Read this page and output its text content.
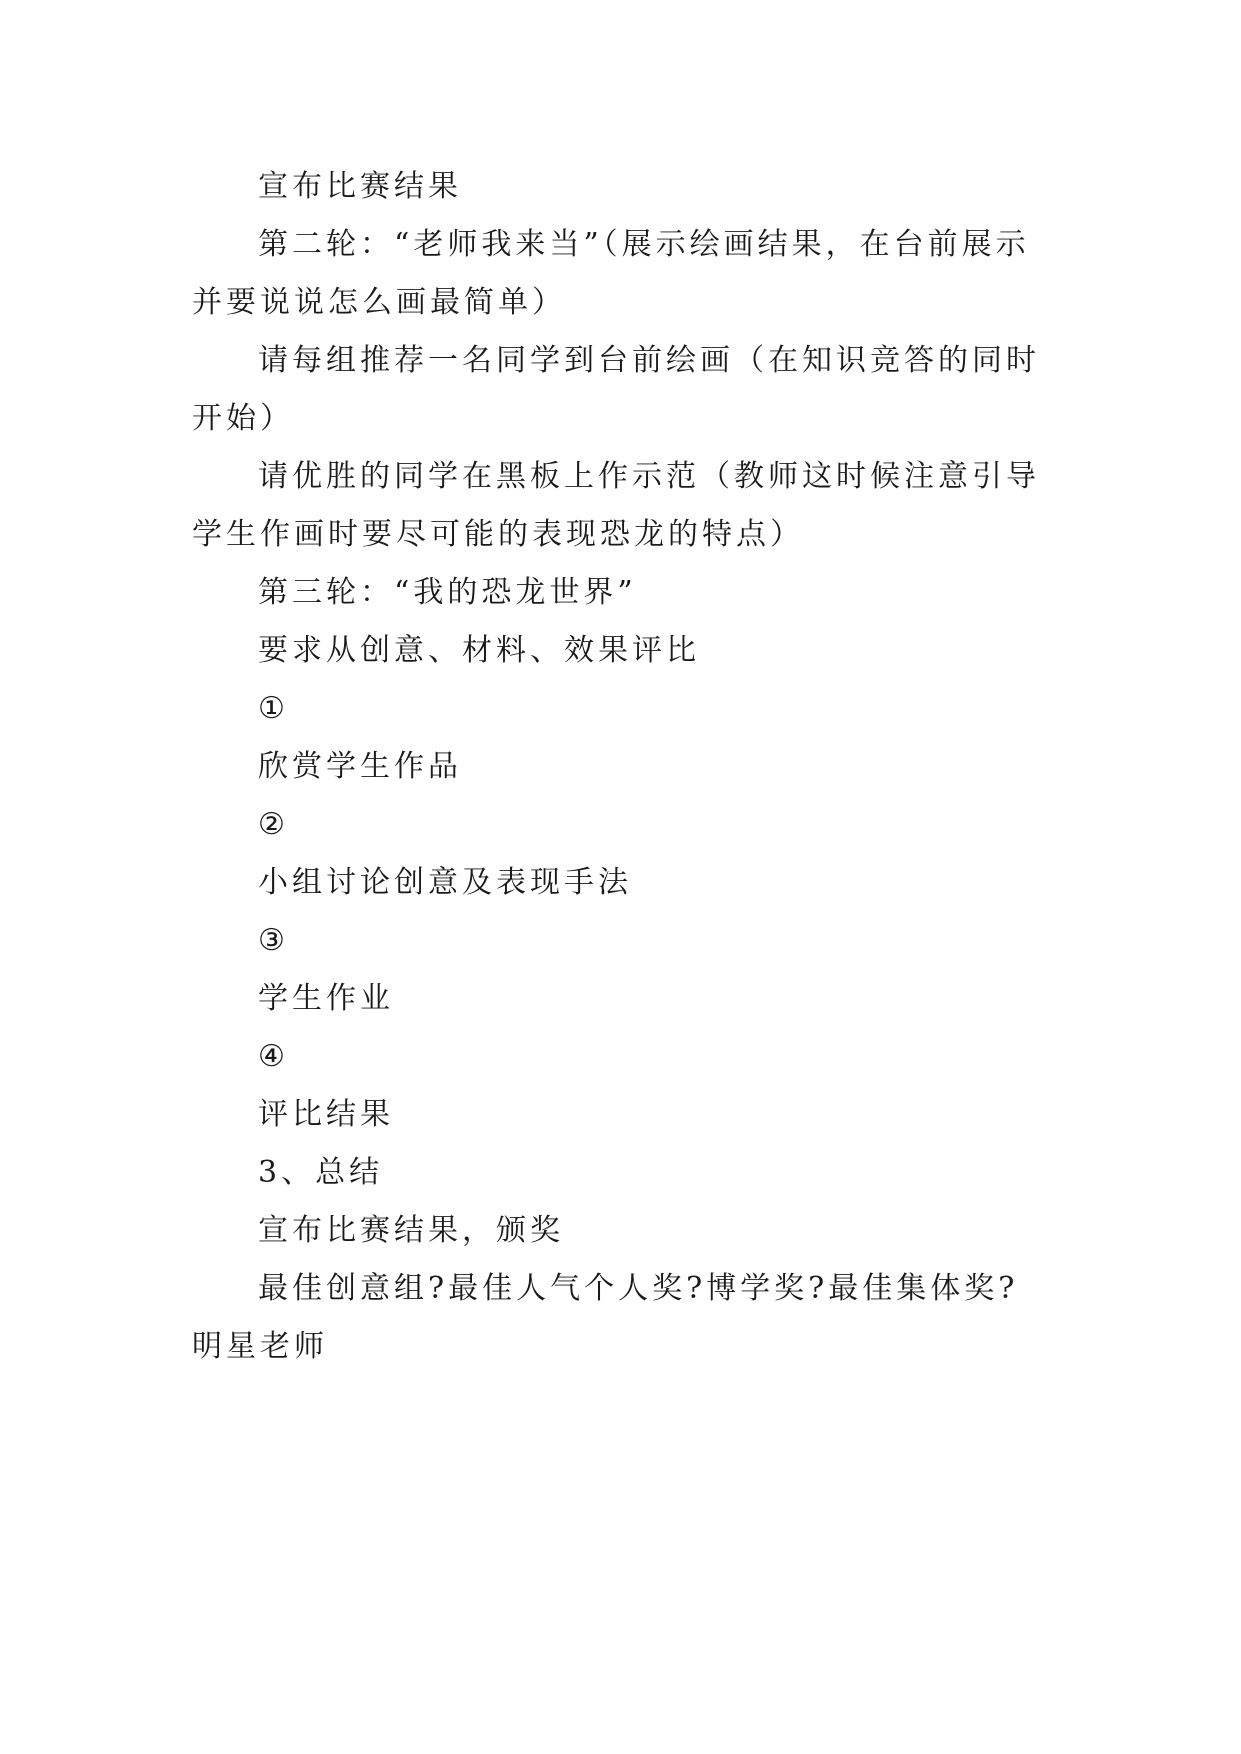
宣布比赛结果

第二轮：“老师我来当”（展示绘画结果，在台前展示并要说说怎么画最简单）

请每组推荐一名同学到台前绘画（在知识竞答的同时开始）

请优胜的同学在黑板上作示范（教师这时候注意引导学生作画时要尽可能的表现恐龙的特点）

第三轮：“我的恐龙世界”

要求从创意、材料、效果评比

①

欣赏学生作品

②

小组讨论创意及表现手法

③

学生作业

④

评比结果

3、总结

宣布比赛结果，颁奖

最佳创意组?最佳人气个人奖?博学奖?最佳集体奖?明星老师
